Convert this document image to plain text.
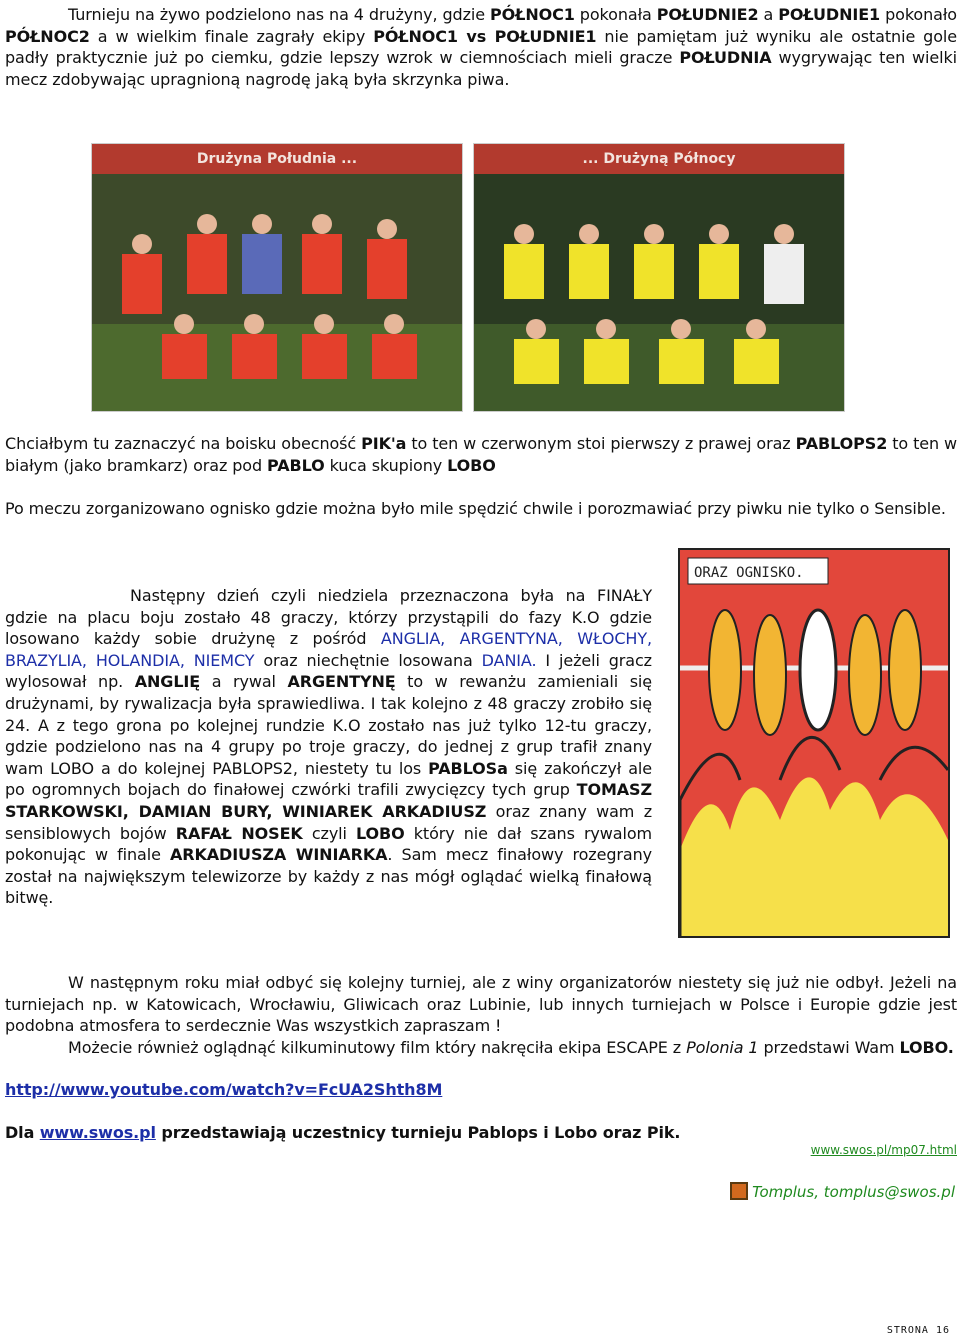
Turnieju na żywo podzielono nas na 4 drużyny, gdzie PÓŁNOC1 pokonała POŁUDNIE2 a POŁUDNIE1 pokonało PÓŁNOC2 a w wielkim finale zagrały ekipy PÓŁNOC1 vs POŁUDNIE1 nie pamiętam już wyniku ale ostatnie gole padły praktycznie już po ciemku, gdzie lepszy wzrok w ciemnościach mieli gracze POŁUDNIA wygrywając ten wielki mecz zdobywając upragnioną nagrodę jaką była skrzynka piwa.
Drużyna Południa ...	... Drużyną Północy
Chciałbym tu zaznaczyć na boisku obecność PIK'a to ten w czerwonym stoi pierwszy z prawej oraz PABLOPS2 to ten w białym (jako bramkarz) oraz pod PABLO kuca skupiony LOBO
Po meczu zorganizowano ognisko gdzie można było mile spędzić chwile i porozmawiać przy piwku nie tylko o Sensible.
ORAZ OGNISKO.
Następny dzień czyli niedziela przeznaczona była na FINAŁY gdzie na placu boju zostało 48 graczy, którzy przystąpili do fazy K.O gdzie losowano każdy sobie drużynę z pośród ANGLIA, ARGENTYNA, WŁOCHY, BRAZYLIA, HOLANDIA, NIEMCY oraz niechętnie losowana DANIA. I jeżeli gracz wylosował np. ANGLIĘ a rywal ARGENTYNĘ to w rewanżu zamieniali się drużynami, by rywalizacja była sprawiedliwa. I tak kolejno z 48 graczy zrobiło się 24. A z tego grona po kolejnej rundzie K.O zostało nas już tylko 12-tu graczy, gdzie podzielono nas na 4 grupy po troje graczy, do jednej z grup trafił znany wam LOBO a do kolejnej PABLOPS2, niestety tu los PABLOSa się zakończył ale po ogromnych bojach do finałowej czwórki trafili zwycięzcy tych grup TOMASZ STARKOWSKI, DAMIAN BURY, WINIAREK ARKADIUSZ oraz znany wam z sensiblowych bojów RAFAŁ NOSEK czyli LOBO który nie dał szans rywalom pokonując w finale ARKADIUSZA WINIARKA. Sam mecz finałowy rozegrany został na największym telewizorze by każdy z nas mógł oglądać wielką finałową bitwę.
W następnym roku miał odbyć się kolejny turniej, ale z winy organizatorów niestety się już nie odbył. Jeżeli na turniejach np. w Katowicach, Wrocławiu, Gliwicach oraz Lubinie, lub innych turniejach w Polsce i Europie gdzie jest podobna atmosfera to serdecznie Was wszystkich zapraszam !
Możecie również oglądnąć kilkuminutowy film który nakręciła ekipa ESCAPE z Polonia 1 przedstawi Wam LOBO.
http://www.youtube.com/watch?v=FcUA2Shth8M
Dla www.swos.pl przedstawiają uczestnicy turnieju Pablops i Lobo oraz Pik.
www.swos.pl/mp07.html
Tomplus, tomplus@swos.pl
STRONA 16
